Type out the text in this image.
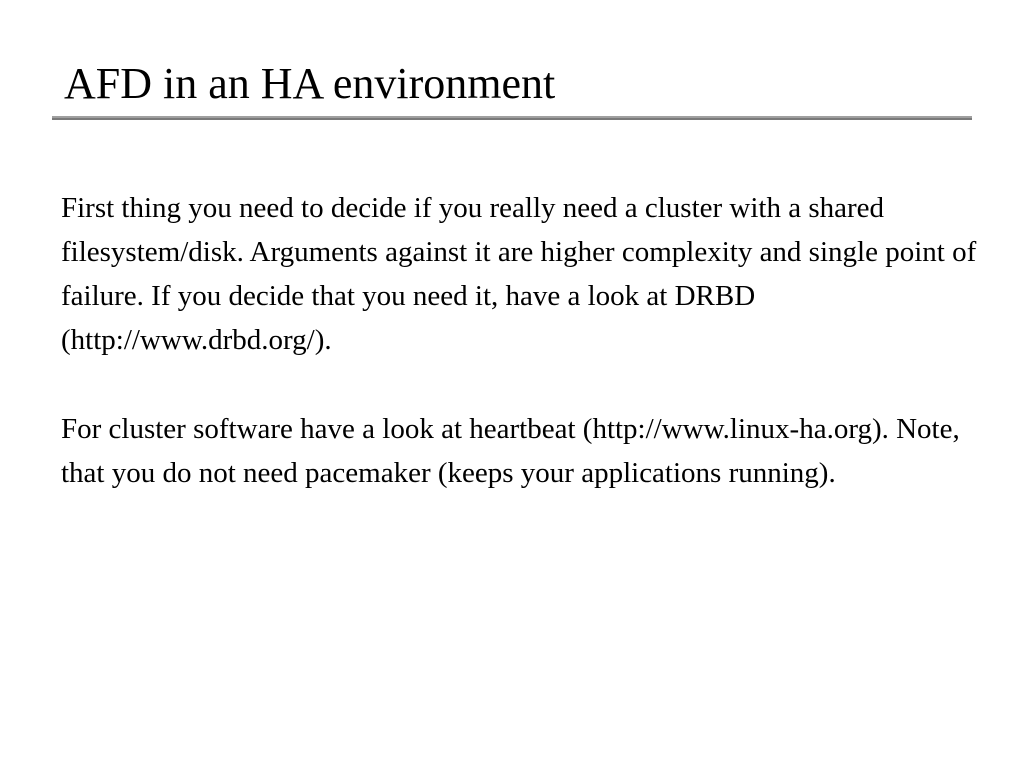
AFD in an HA environment

First thing you need to decide if you really need a cluster with a shared filesystem/disk. Arguments against it are higher complexity and single point of failure. If you decide that you need it, have a look at DRBD (http://www.drbd.org/).

For cluster software have a look at heartbeat (http://www.linux-ha.org). Note, that you do not need pacemaker (keeps your applications running).
